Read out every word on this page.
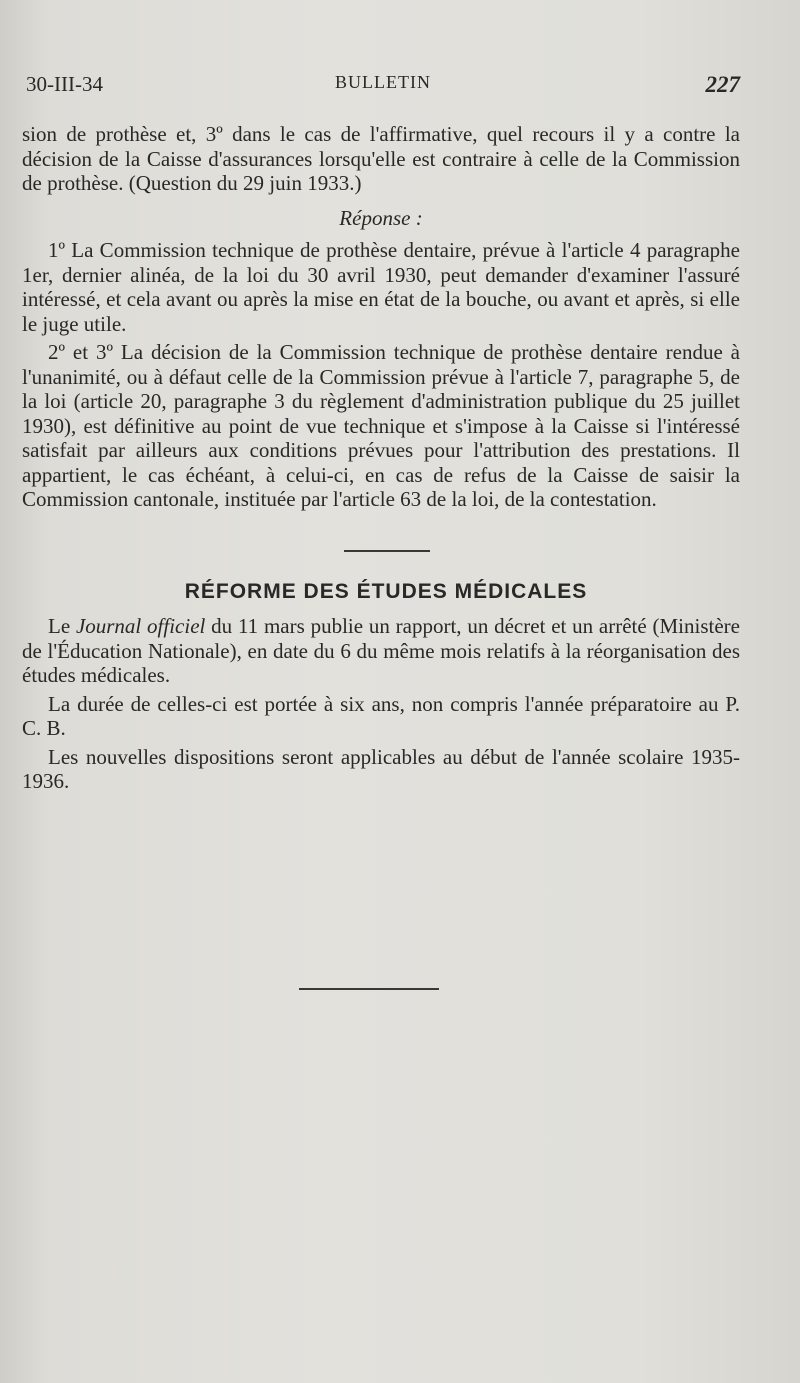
30-III-34	BULLETIN	227

sion de prothèse et, 3º dans le cas de l'affirmative, quel recours il y a contre la décision de la Caisse d'assurances lorsqu'elle est contraire à celle de la Commission de prothèse. (Question du 29 juin 1933.)

Réponse :

1º La Commission technique de prothèse dentaire, prévue à l'article 4 paragraphe 1er, dernier alinéa, de la loi du 30 avril 1930, peut demander d'examiner l'assuré intéressé, et cela avant ou après la mise en état de la bouche, ou avant et après, si elle le juge utile.

2º et 3º La décision de la Commission technique de prothèse dentaire rendue à l'unanimité, ou à défaut celle de la Commission prévue à l'article 7, paragraphe 5, de la loi (article 20, paragraphe 3 du règlement d'administration publique du 25 juillet 1930), est définitive au point de vue technique et s'impose à la Caisse si l'intéressé satisfait par ailleurs aux conditions prévues pour l'attribution des prestations. Il appartient, le cas échéant, à celui-ci, en cas de refus de la Caisse de saisir la Commission cantonale, instituée par l'article 63 de la loi, de la contestation.

RÉFORME DES ÉTUDES MÉDICALES

Le Journal officiel du 11 mars publie un rapport, un décret et un arrêté (Ministère de l'Éducation Nationale), en date du 6 du même mois relatifs à la réorganisation des études médicales.

La durée de celles-ci est portée à six ans, non compris l'année préparatoire au P. C. B.

Les nouvelles dispositions seront applicables au début de l'année scolaire 1935-1936.
